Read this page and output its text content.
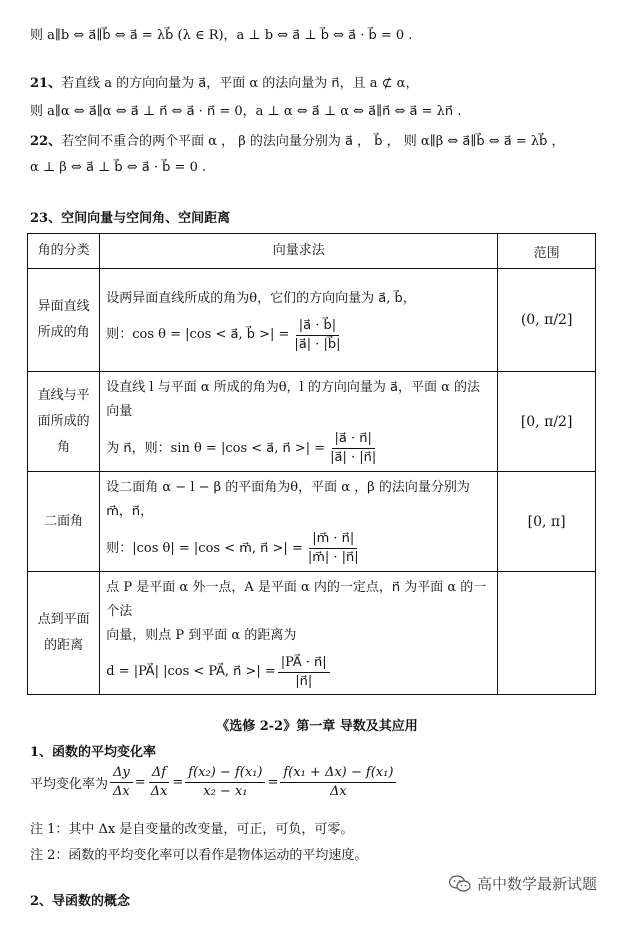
则 a∥b ⇔ a⃗∥b⃗ ⇔ a⃗ = λb⃗ (λ ∈ R)，a ⊥ b ⇔ a⃗ ⊥ b⃗ ⇔ a⃗ · b⃗ = 0 .
21、若直线 a 的方向向量为 a⃗，平面 α 的法向量为 n⃗，且 a ⊄ α，
则 a∥α ⇔ a⃗∥α ⇔ a⃗ ⊥ n⃗ ⇔ a⃗ · n⃗ = 0，a ⊥ α ⇔ a⃗ ⊥ α ⇔ a⃗∥n⃗ ⇔ a⃗ = λn⃗ .
22、若空间不重合的两个平面 α ， β 的法向量分别为 a⃗ ， b⃗ ， 则 α∥β ⇔ a⃗∥b⃗ ⇔ a⃗ = λb⃗ ，
α ⊥ β ⇔ a⃗ ⊥ b⃗ ⇔ a⃗ · b⃗ = 0 .
23、空间向量与空间角、空间距离
角的分类	向量求法	范围
异面直线所成的角	设两异面直线所成的角为θ，它们的方向向量为 a⃗, b⃗，
则：cos θ = |cos < a⃗, b⃗ >| = $\frac{|a⃗ \cdot b⃗|}{|a⃗| \cdot |b⃗|}$	(0, π/2]
直线与平面所成的角	设直线 l 与平面 α 所成的角为θ，l 的方向向量为 a⃗，平面 α 的法向量
为 n⃗，则：sin θ = |cos < a⃗, n⃗ >| = $\frac{|a⃗ \cdot n⃗|}{|a⃗| \cdot |n⃗|}$	[0, π/2]
二面角	设二面角 α − l − β 的平面角为θ，平面 α ，β 的法向量分别为 m⃗，n⃗，
则：|cos θ| = |cos < m⃗, n⃗ >| = $\frac{|m⃗ \cdot n⃗|}{|m⃗| \cdot |n⃗|}$	[0, π]
点到平面的距离	点 P 是平面 α 外一点，A 是平面 α 内的一定点，n⃗ 为平面 α 的一个法
向量，则点 P 到平面 α 的距离为
d = |PA⃗| |cos < PA⃗, n⃗ >| = $\frac{|PA⃗ \cdot n⃗|}{|n⃗|}$

《选修 2-2》第一章 导数及其应用
1、函数的平均变化率
平均变化率为 $\frac{\Delta y}{\Delta x} = \frac{\Delta f}{\Delta x} = \frac{\text{f(x₂) − f(x₁)}}{\text{x₂ − x₁}} = \frac{\text{f(x₁ + Δx) − f(x₁)}}{\Delta x}$
注 1：其中 Δx 是自变量的改变量，可正，可负，可零。
注 2：函数的平均变化率可以看作是物体运动的平均速度。
2、导函数的概念
高中数学最新试题
